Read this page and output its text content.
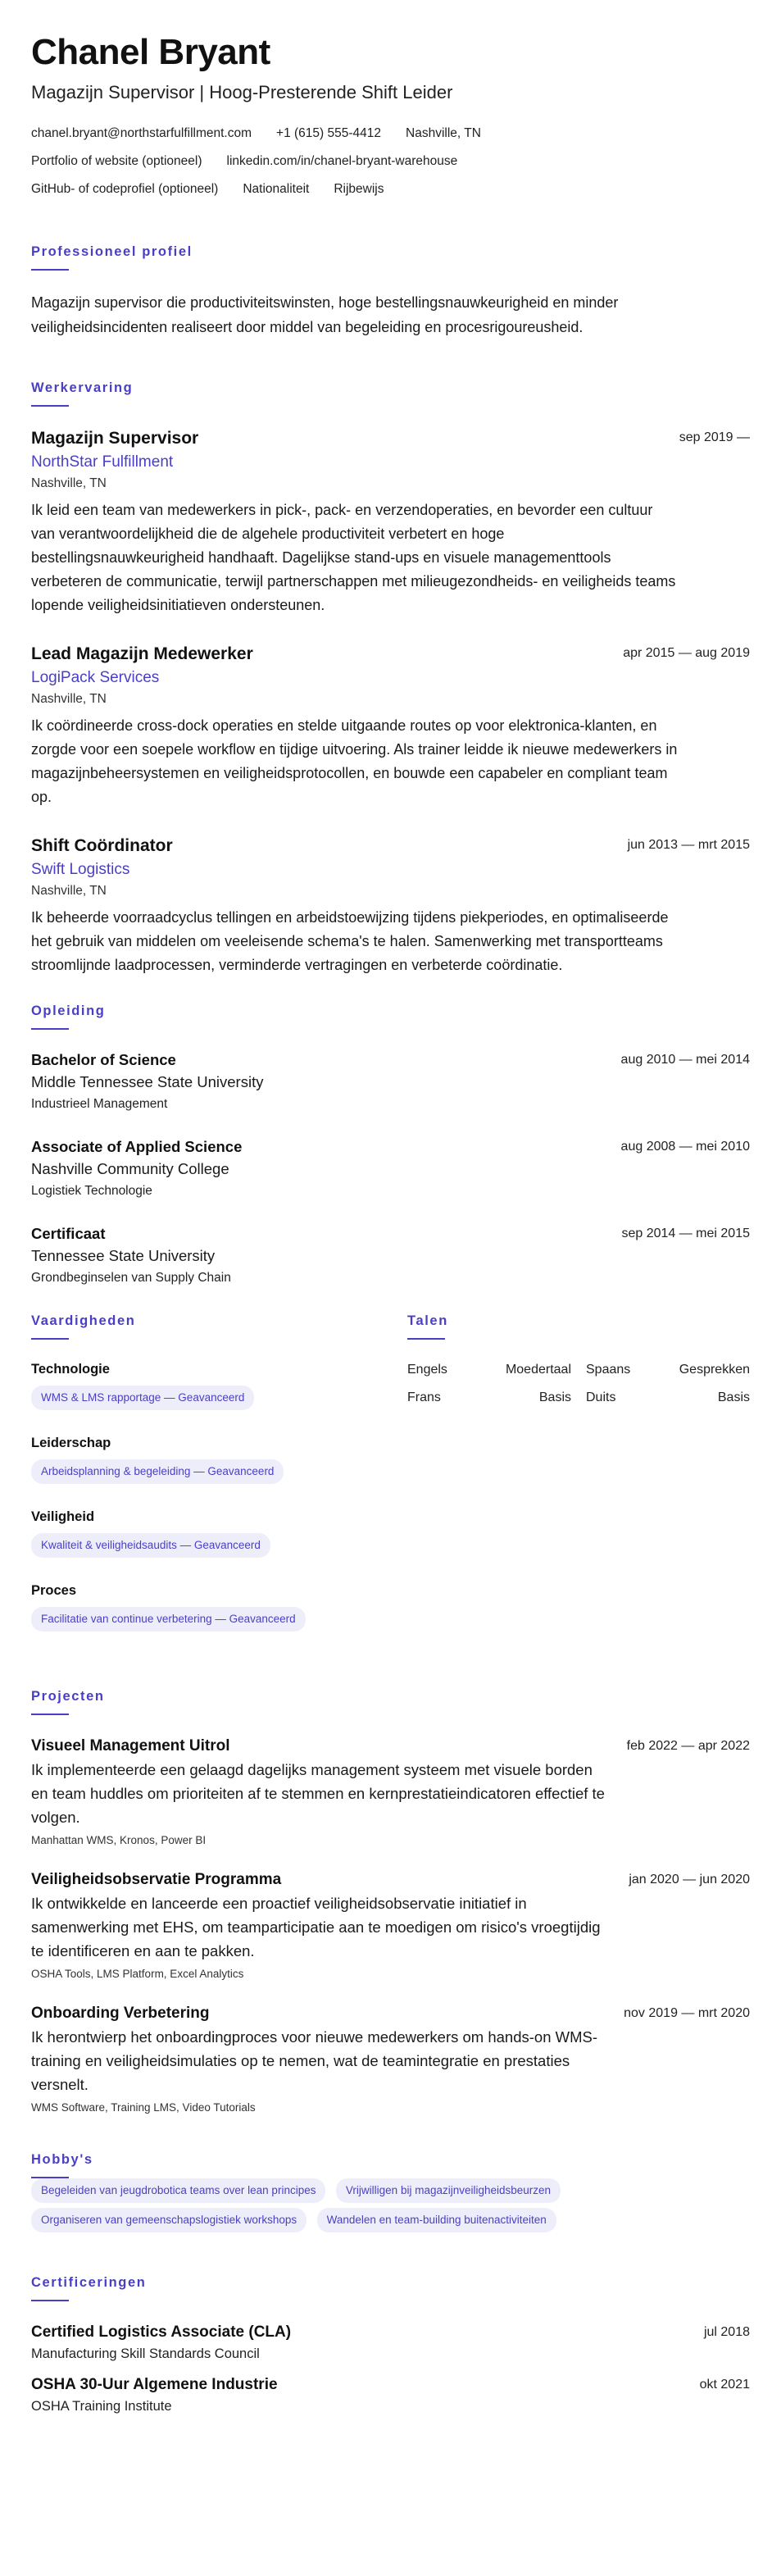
Chanel Bryant
Magazijn Supervisor | Hoog-Presterende Shift Leider
chanel.bryant@northstarfulfillment.com +1 (615) 555-4412 Nashville, TN
Portfolio of website (optioneel) linkedin.com/in/chanel-bryant-warehouse
GitHub- of codeprofiel (optioneel) Nationaliteit Rijbewijs
Professioneel profiel

Magazijn supervisor die productiviteitswinsten, hoge bestellingsnauwkeurigheid en minder veiligheidsincidenten realiseert door middel van begeleiding en procesrigoureusheid.

Werkervaring
Magazijn Supervisor	sep 2019 —
NorthStar Fulfillment
Nashville, TN

Ik leid een team van medewerkers in pick-, pack- en verzendoperaties, en bevorder een cultuur van verantwoordelijkheid die de algehele productiviteit verbetert en hoge bestellingsnauwkeurigheid handhaaft. Dagelijkse stand-ups en visuele managementtools verbeteren de communicatie, terwijl partnerschappen met milieugezondheids- en veiligheids teams lopende veiligheidsinitiatieven ondersteunen.

Lead Magazijn Medewerker	apr 2015 — aug 2019
LogiPack Services
Nashville, TN

Ik coördineerde cross-dock operaties en stelde uitgaande routes op voor elektronica-klanten, en zorgde voor een soepele workflow en tijdige uitvoering. Als trainer leidde ik nieuwe medewerkers in magazijnbeheersystemen en veiligheidsprotocollen, en bouwde een capabeler en compliant team op.

Shift Coördinator	jun 2013 — mrt 2015
Swift Logistics
Nashville, TN

Ik beheerde voorraadcyclus tellingen en arbeidstoewijzing tijdens piekperiodes, en optimaliseerde het gebruik van middelen om veeleisende schema's te halen. Samenwerking met transportteams stroomlijnde laadprocessen, verminderde vertragingen en verbeterde coördinatie.

Opleiding
Bachelor of Science	aug 2010 — mei 2014
Middle Tennessee State University
Industrieel Management
Associate of Applied Science	aug 2008 — mei 2010
Nashville Community College
Logistiek Technologie
Certificaat	sep 2014 — mei 2015
Tennessee State University
Grondbeginselen van Supply Chain
Vaardigheden
Technologie
WMS & LMS rapportage — Geavanceerd
Leiderschap
Arbeidsplanning & begeleiding — Geavanceerd
Veiligheid
Kwaliteit & veiligheidsaudits — Geavanceerd
Proces
Facilitatie van continue verbetering — Geavanceerd
Talen
Engels	Moedertaal Spaans	Gesprekken
Frans	Basis Duits	Basis
Projecten
Visueel Management Uitrol	feb 2022 — apr 2022

Ik implementeerde een gelaagd dagelijks management systeem met visuele borden en team huddles om prioriteiten af te stemmen en kernprestatieindicatoren effectief te volgen.

Manhattan WMS, Kronos, Power BI
Veiligheidsobservatie Programma	jan 2020 — jun 2020

Ik ontwikkelde en lanceerde een proactief veiligheidsobservatie initiatief in samenwerking met EHS, om teamparticipatie aan te moedigen om risico's vroegtijdig te identificeren en aan te pakken.

OSHA Tools, LMS Platform, Excel Analytics
Onboarding Verbetering	nov 2019 — mrt 2020

Ik herontwierp het onboardingproces voor nieuwe medewerkers om hands-on WMS-training en veiligheidsimulaties op te nemen, wat de teamintegratie en prestaties versnelt.

WMS Software, Training LMS, Video Tutorials
Hobby's
Begeleiden van jeugdrobotica teams over lean principes	Vrijwilligen bij magazijnveiligheidsbeurzen Organiseren van gemeenschapslogistiek workshops	Wandelen en team-building buitenactiviteiten
Certificeringen
Certified Logistics Associate (CLA)	jul 2018
Manufacturing Skill Standards Council
OSHA 30-Uur Algemene Industrie	okt 2021
OSHA Training Institute
